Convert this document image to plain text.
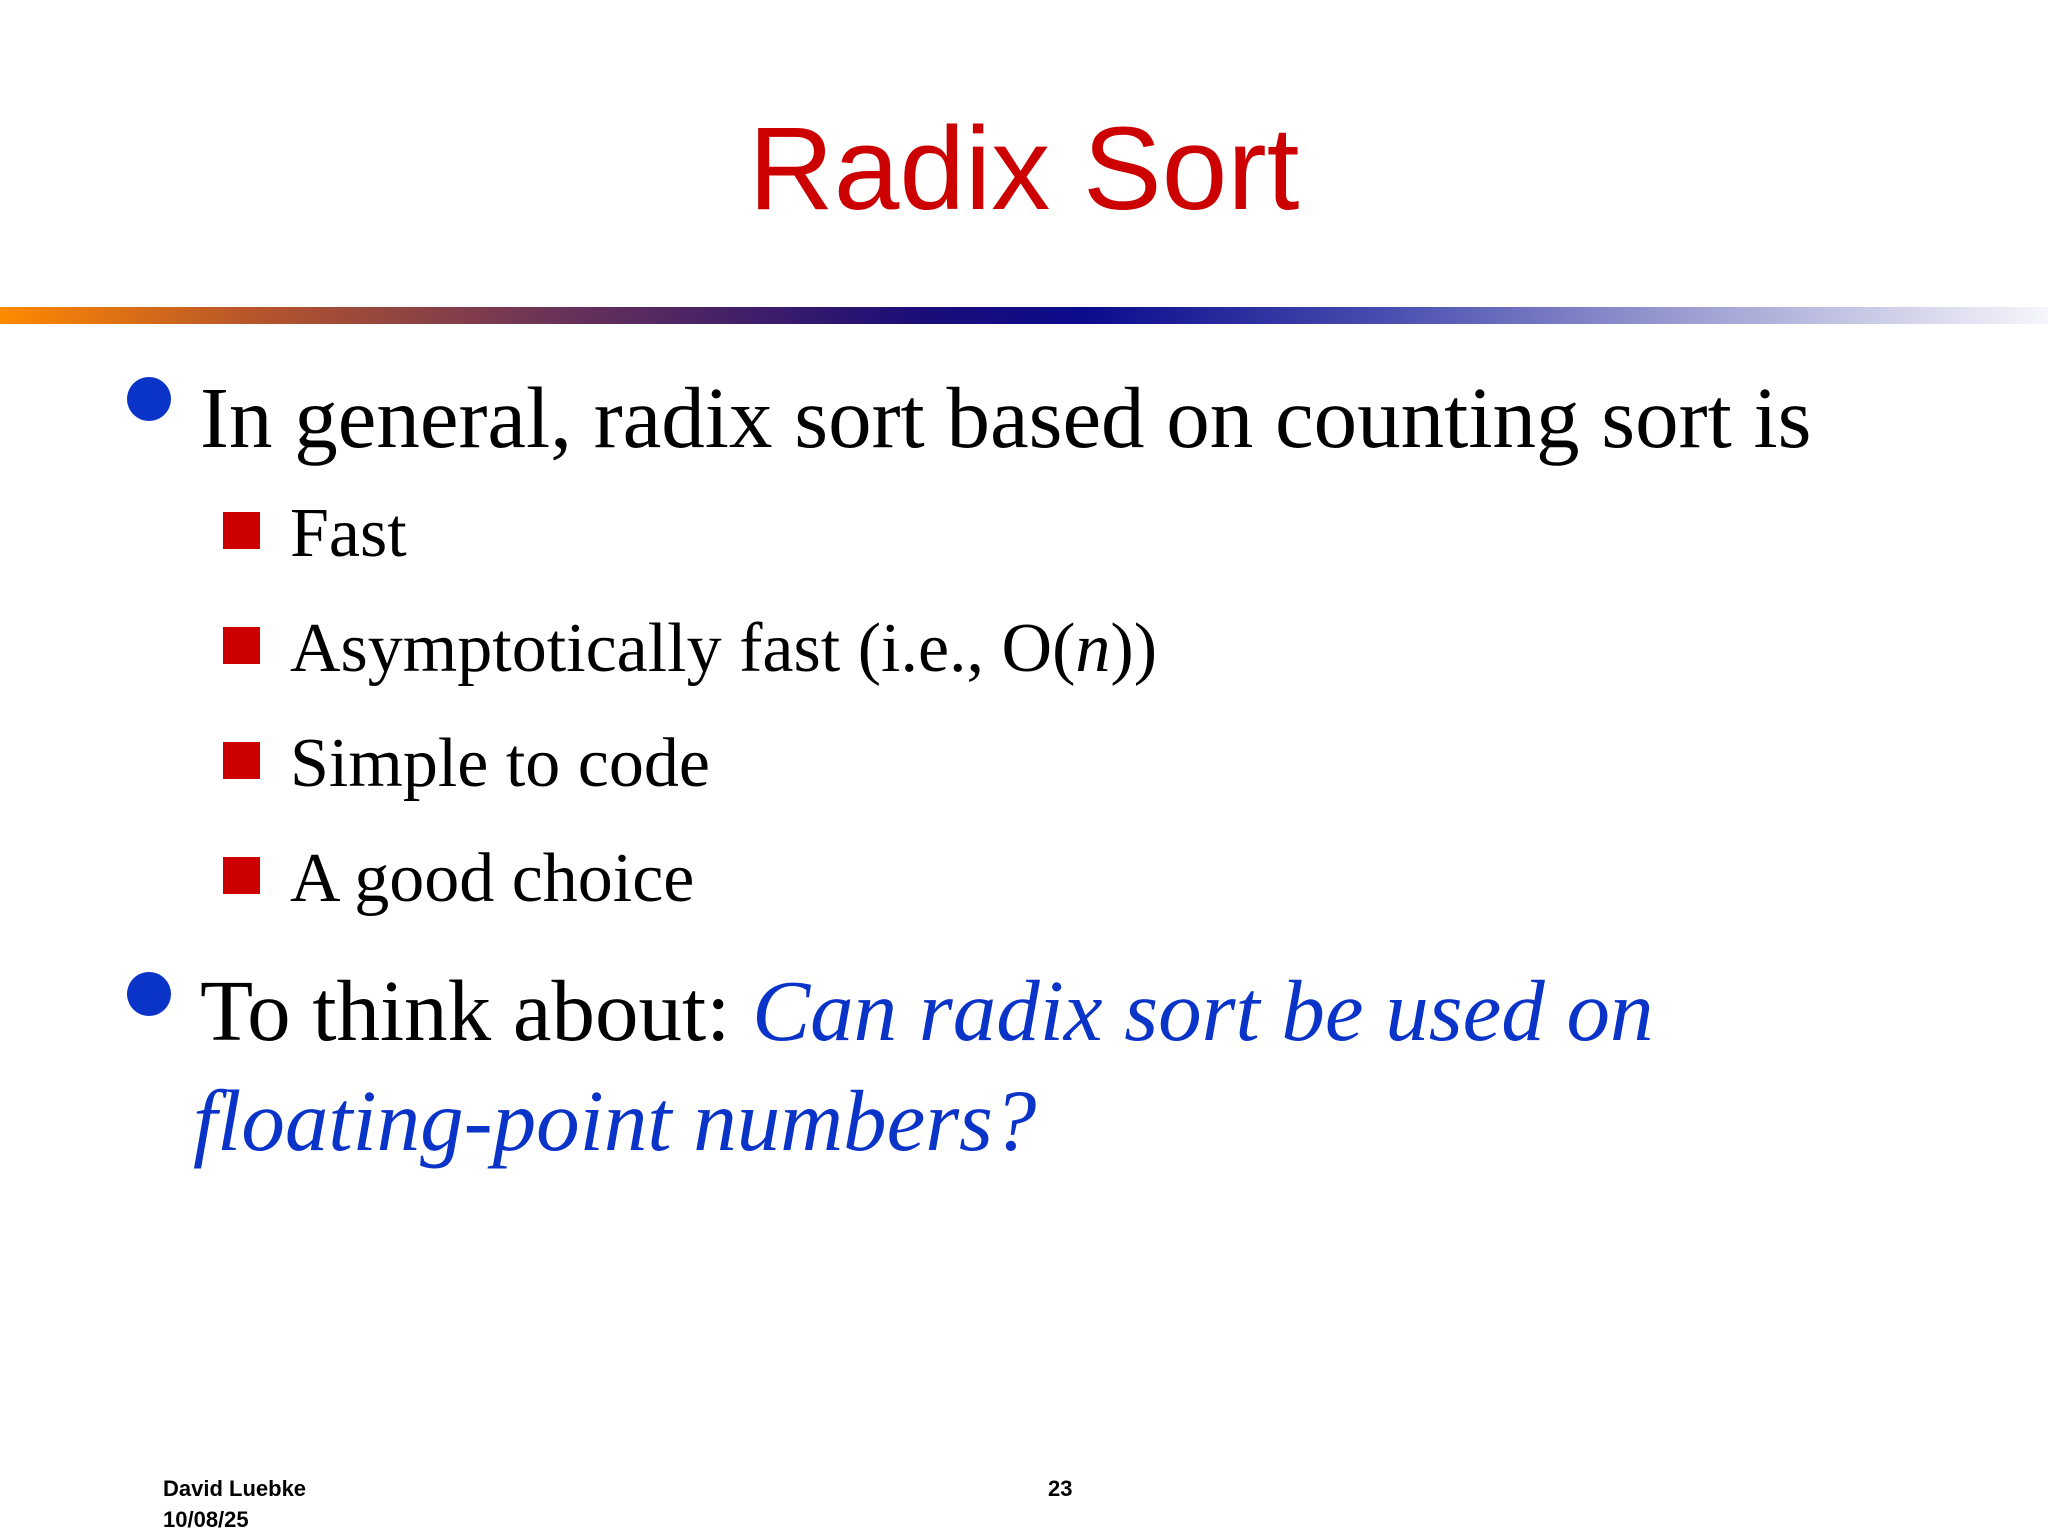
Radix Sort
In general, radix sort based on counting sort is
Fast
Asymptotically fast (i.e., O(n))
Simple to code
A good choice
To think about: Can radix sort be used on
floating-point numbers?
David Luebke
10/08/25
23
